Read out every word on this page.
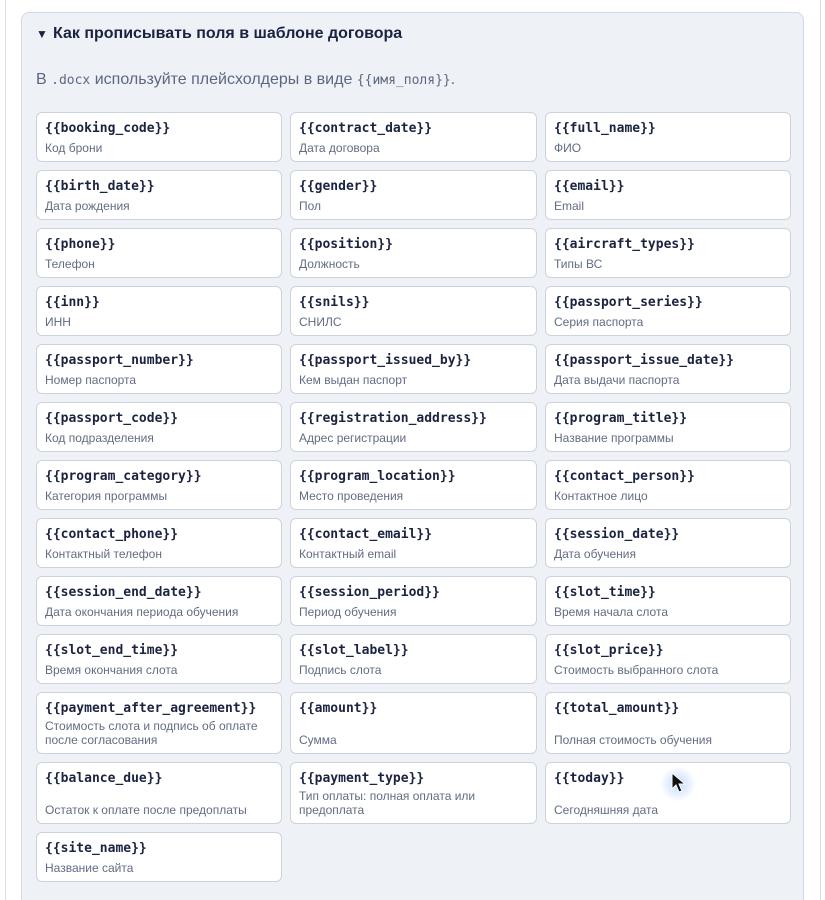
▼ Как прописывать поля в шаблоне договора
В .docx используйте плейсхолдеры в виде {{имя_поля}}.
{{booking_code}}
Код брони
{{contract_date}}
Дата договора
{{full_name}}
ФИО
{{birth_date}}
Дата рождения
{{gender}}
Пол
{{email}}
Email
{{phone}}
Телефон
{{position}}
Должность
{{aircraft_types}}
Типы ВС
{{inn}}
ИНН
{{snils}}
СНИЛС
{{passport_series}}
Серия паспорта
{{passport_number}}
Номер паспорта
{{passport_issued_by}}
Кем выдан паспорт
{{passport_issue_date}}
Дата выдачи паспорта
{{passport_code}}
Код подразделения
{{registration_address}}
Адрес регистрации
{{program_title}}
Название программы
{{program_category}}
Категория программы
{{program_location}}
Место проведения
{{contact_person}}
Контактное лицо
{{contact_phone}}
Контактный телефон
{{contact_email}}
Контактный email
{{session_date}}
Дата обучения
{{session_end_date}}
Дата окончания периода обучения
{{session_period}}
Период обучения
{{slot_time}}
Время начала слота
{{slot_end_time}}
Время окончания слота
{{slot_label}}
Подпись слота
{{slot_price}}
Стоимость выбранного слота
{{payment_after_agreement}}
Стоимость слота и подпись об оплате после согласования
{{amount}}
Сумма
{{total_amount}}
Полная стоимость обучения
{{balance_due}}
Остаток к оплате после предоплаты
{{payment_type}}
Тип оплаты: полная оплата или предоплата
{{today}}
Сегодняшняя дата
{{site_name}}
Название сайта
